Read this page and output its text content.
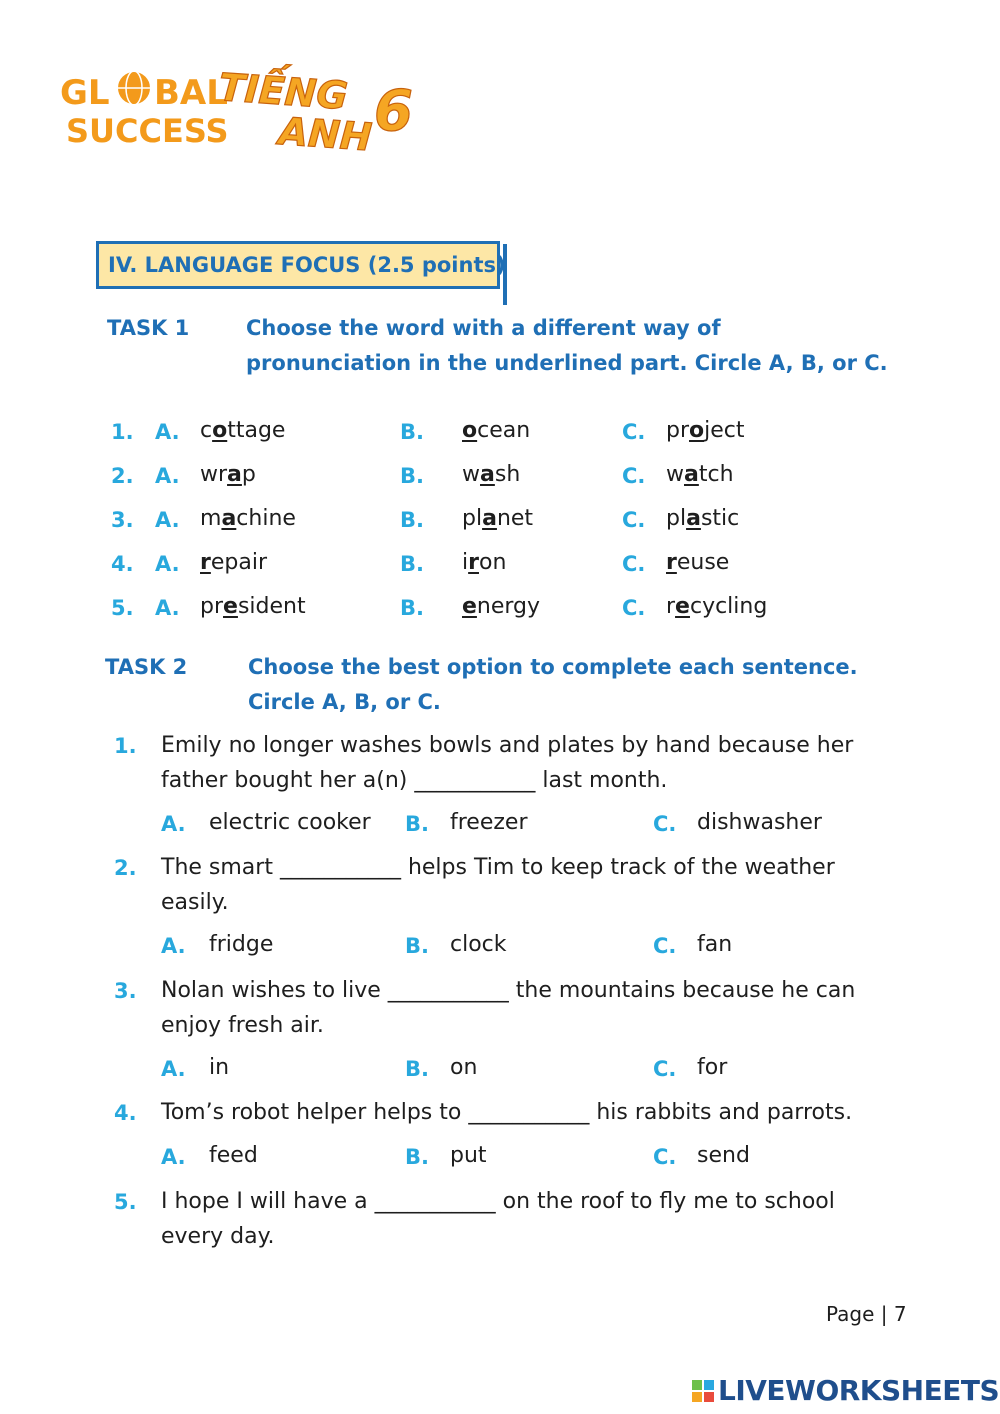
GL BAL
SUCCESS
TIẾNG
ANH 6
IV. LANGUAGE FOCUS (2.5 points)
TASK 1	Choose the word with a different way of
pronunciation in the underlined part. Circle A, B, or C.
1. A. cottage	B. ocean	C. project
2. A. wrap	B. wash	C. watch
3. A. machine	B. planet	C. plastic
4. A. repair	B. iron	C. reuse
5. A. president	B. energy	C. recycling
TASK 2	Choose the best option to complete each sentence.
Circle A, B, or C.
1. Emily no longer washes bowls and plates by hand because her
father bought her a(n) ___________ last month.
A. electric cooker B. freezer	C. dishwasher
2. The smart ___________ helps Tim to keep track of the weather
easily.
A. fridge	B. clock	C. fan
3. Nolan wishes to live ___________ the mountains because he can
enjoy fresh air.
A. in	B. on	C. for
4. Tom’s robot helper helps to ___________ his rabbits and parrots.
A. feed	B. put	C. send
5. I hope I will have a ___________ on the roof to fly me to school
every day.
Page | 7
LIVEWORKSHEETS
